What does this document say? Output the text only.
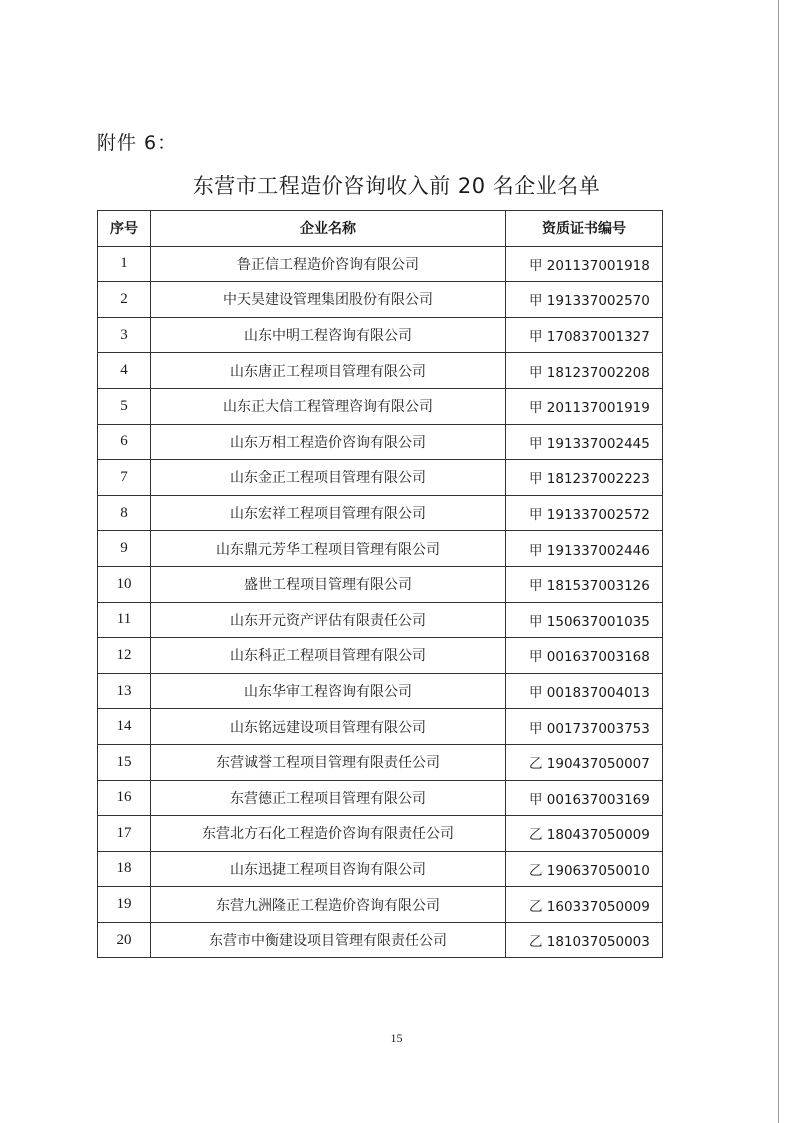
附件 6：
东营市工程造价咨询收入前 20 名企业名单
序号	企业名称	资质证书编号
1	鲁正信工程造价咨询有限公司	甲 201137001918
2	中天昊建设管理集团股份有限公司	甲 191337002570
3	山东中明工程咨询有限公司	甲 170837001327
4	山东唐正工程项目管理有限公司	甲 181237002208
5	山东正大信工程管理咨询有限公司	甲 201137001919
6	山东万相工程造价咨询有限公司	甲 191337002445
7	山东金正工程项目管理有限公司	甲 181237002223
8	山东宏祥工程项目管理有限公司	甲 191337002572
9	山东鼎元芳华工程项目管理有限公司	甲 191337002446
10	盛世工程项目管理有限公司	甲 181537003126
11	山东开元资产评估有限责任公司	甲 150637001035
12	山东科正工程项目管理有限公司	甲 001637003168
13	山东华审工程咨询有限公司	甲 001837004013
14	山东铭远建设项目管理有限公司	甲 001737003753
15	东营诚誉工程项目管理有限责任公司	乙 190437050007
16	东营德正工程项目管理有限公司	甲 001637003169
17	东营北方石化工程造价咨询有限责任公司	乙 180437050009
18	山东迅捷工程项目咨询有限公司	乙 190637050010
19	东营九洲隆正工程造价咨询有限公司	乙 160337050009
20	东营市中衡建设项目管理有限责任公司	乙 181037050003
15
